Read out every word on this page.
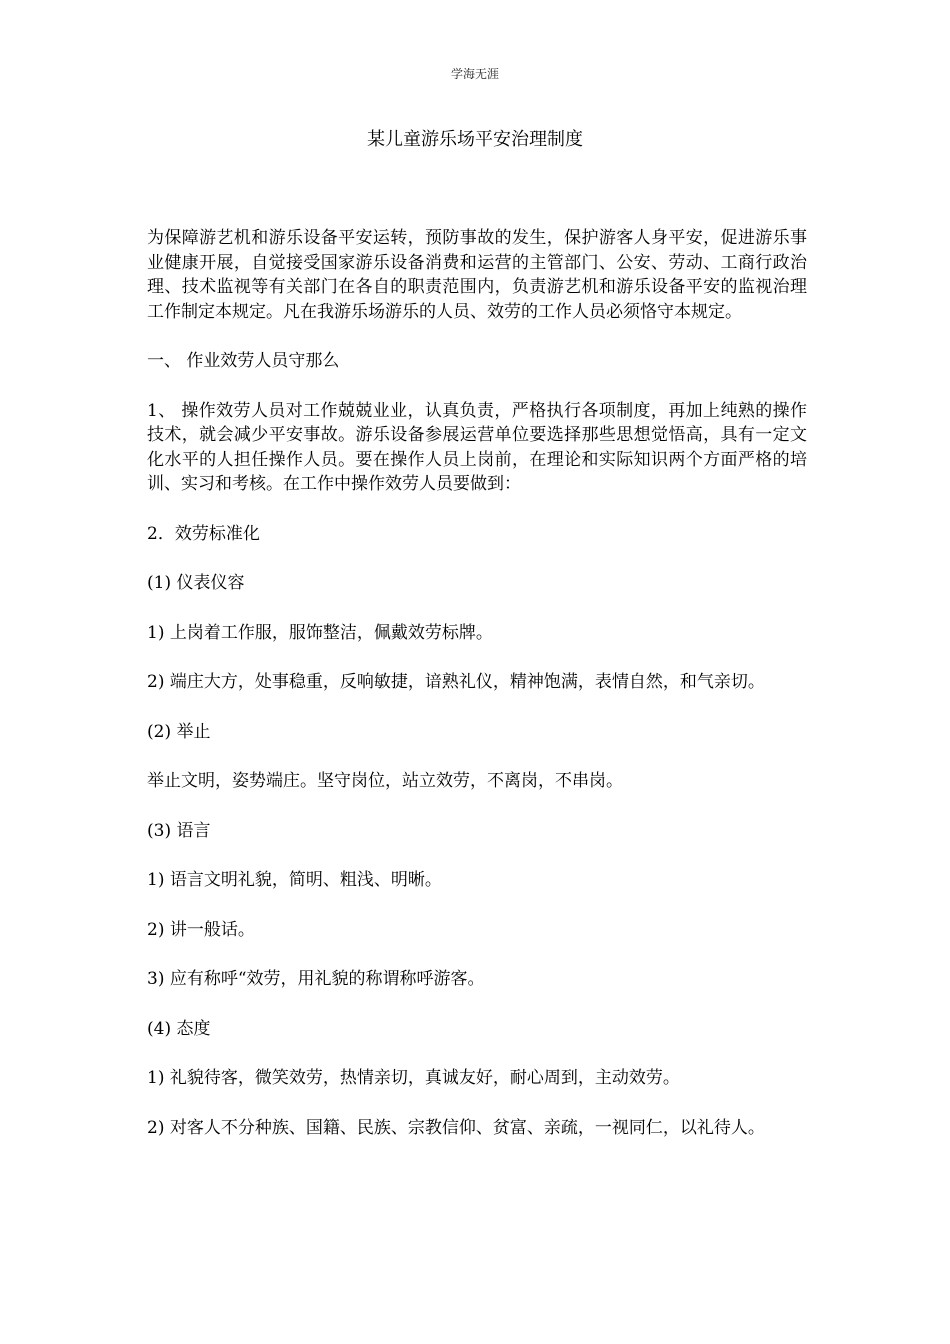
学海无涯
某儿童游乐场平安治理制度

为保障游艺机和游乐设备平安运转，预防事故的发生，保护游客人身平安，促进游乐事业健康开展，自觉接受国家游乐设备消费和运营的主管部门、公安、劳动、工商行政治理、技术监视等有关部门在各自的职责范围内，负责游艺机和游乐设备平安的监视治理工作制定本规定。凡在我游乐场游乐的人员、效劳的工作人员必须恪守本规定。

一、 作业效劳人员守那么

1、 操作效劳人员对工作兢兢业业，认真负责，严格执行各项制度，再加上纯熟的操作技术，就会减少平安事故。游乐设备参展运营单位要选择那些思想觉悟高，具有一定文化水平的人担任操作人员。要在操作人员上岗前，在理论和实际知识两个方面严格的培训、实习和考核。在工作中操作效劳人员要做到：

2．效劳标准化

(1) 仪表仪容

1) 上岗着工作服，服饰整洁，佩戴效劳标牌。

2) 端庄大方，处事稳重，反响敏捷，谙熟礼仪，精神饱满，表情自然，和气亲切。

(2) 举止

举止文明，姿势端庄。坚守岗位，站立效劳，不离岗，不串岗。

(3) 语言

1) 语言文明礼貌，简明、粗浅、明晰。

2) 讲一般话。

3) 应有称呼“效劳，用礼貌的称谓称呼游客。

(4) 态度

1) 礼貌待客，微笑效劳，热情亲切，真诚友好，耐心周到，主动效劳。

2) 对客人不分种族、国籍、民族、宗教信仰、贫富、亲疏，一视同仁，以礼待人。
